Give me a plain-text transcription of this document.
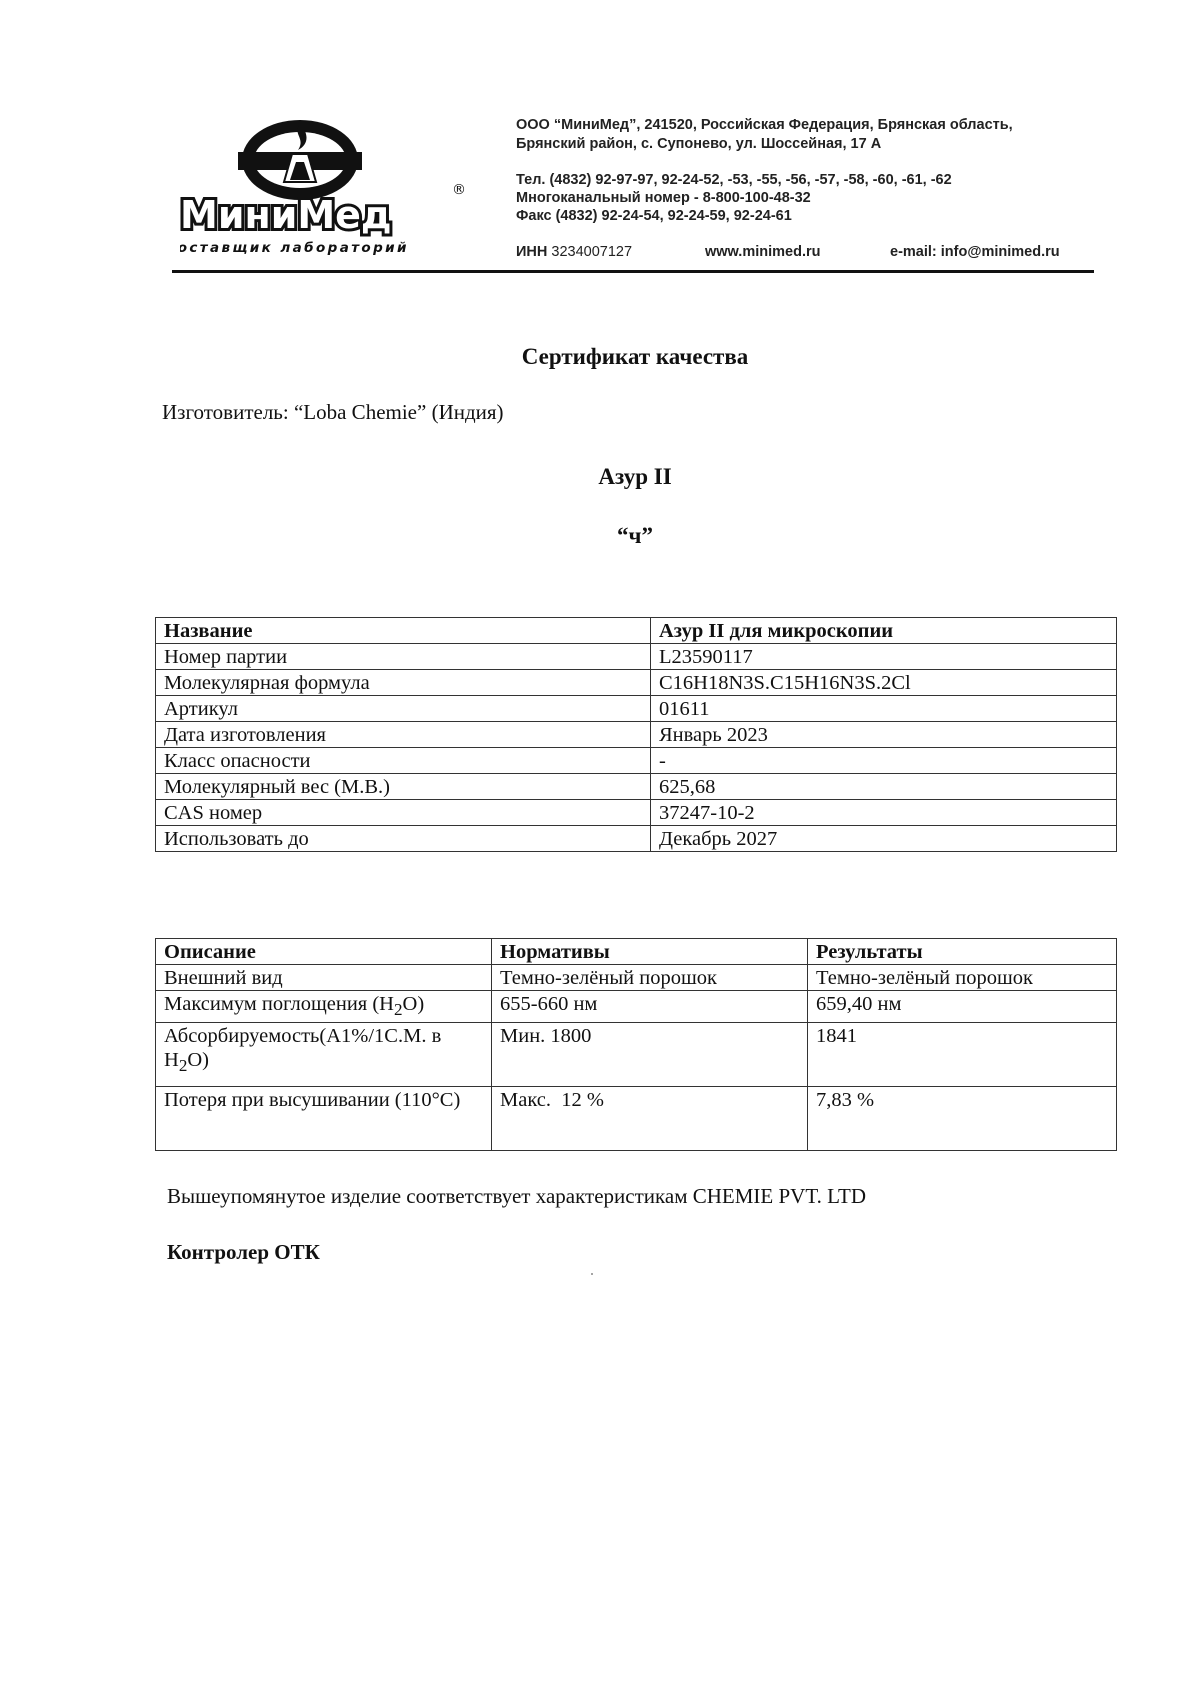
МиниМед
®
поставщик лабораторий
ООО “МиниМед”, 241520, Российская Федерация, Брянская область,
Брянский район, с. Супонево, ул. Шоссейная, 17 А
Тел. (4832) 92-97-97, 92-24-52, -53, -55, -56, -57, -58, -60, -61, -62
Многоканальный номер - 8-800-100-48-32
Факс (4832) 92-24-54, 92-24-59, 92-24-61
ИНН 3234007127	www.minimed.ru	e-mail: info@minimed.ru
Сертификат качества
Изготовитель: “Loba Chemie” (Индия)
Азур II
“ч”
Название	Азур II для микроскопии
Номер партии	L23590117
Молекулярная формула	C16H18N3S.C15H16N3S.2Cl
Артикул	01611
Дата изготовления	Январь 2023
Класс опасности	-
Молекулярный вес (М.В.)	625,68
CAS номер	37247-10-2
Использовать до	Декабрь 2027
Описание	Нормативы	Результаты
Внешний вид	Темно-зелёный порошок	Темно-зелёный порошок
Максимум поглощения $(H_2O)$	655-660 нм	659,40 нм
Абсорбируемость(A1%/1С.М. в $H_2O$)	Мин. 1800	1841
Потеря при высушивании (110°C)	Макс.  12 %	7,83 %
Вышеупомянутое изделие соответствует характеристикам CHEMIE PVT. LTD
Контролер ОТК
